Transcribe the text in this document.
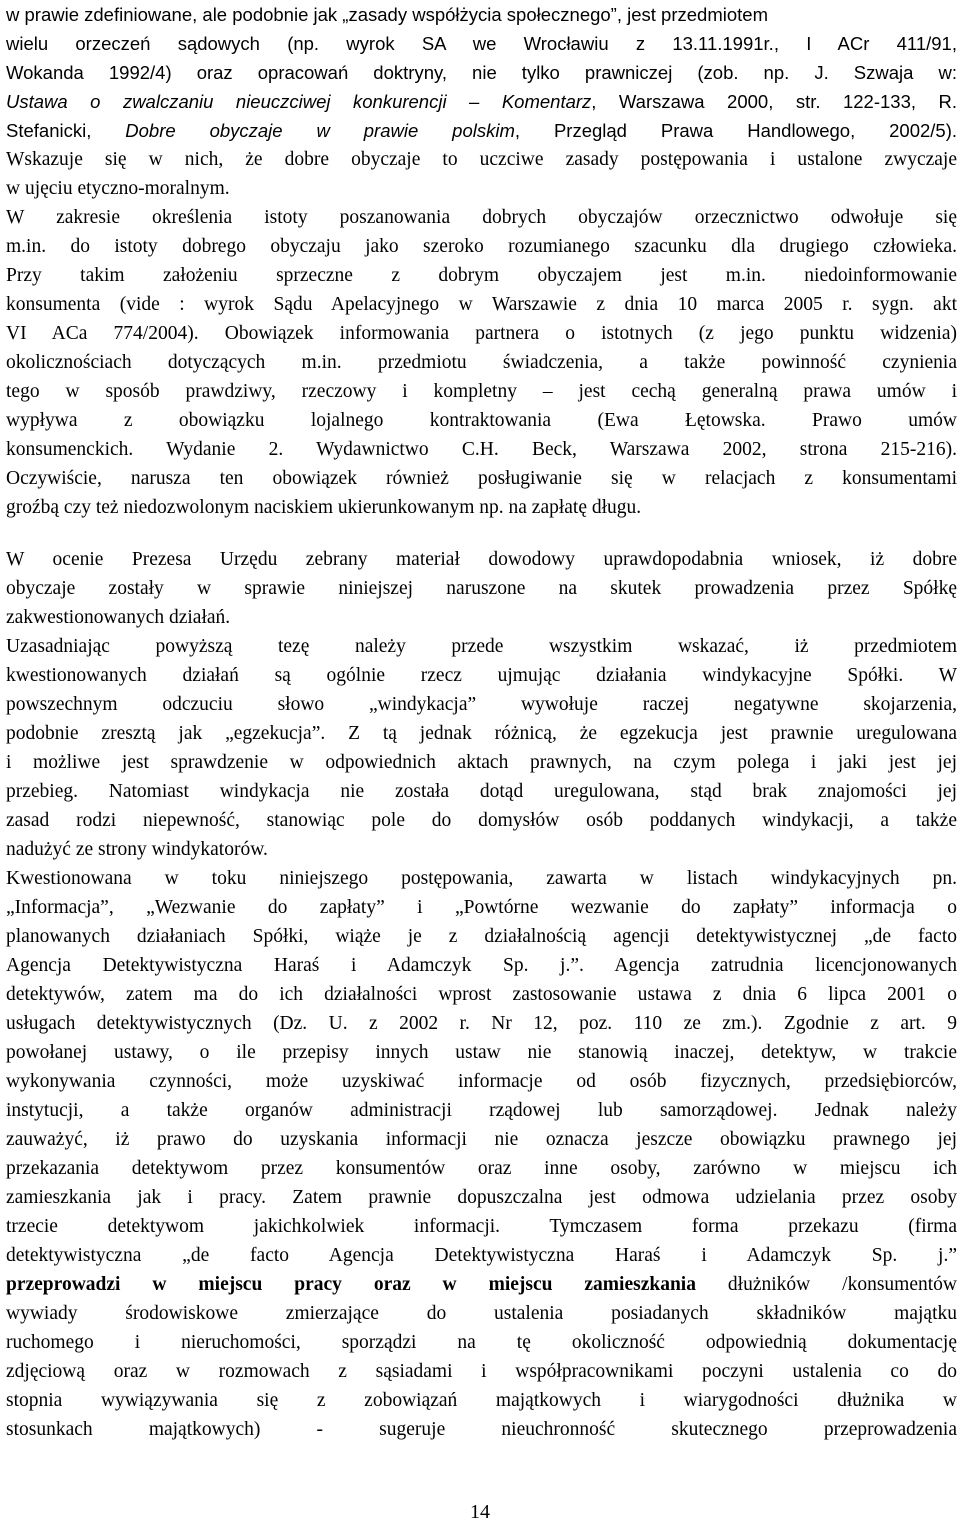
w prawie zdefiniowane, ale podobnie jak „zasady współżycia społecznego”, jest przedmiotem
wielu orzeczeń sądowych (np. wyrok SA we Wrocławiu z 13.11.1991r., I ACr 411/91,
Wokanda 1992/4) oraz opracowań doktryny, nie tylko prawniczej (zob. np. J. Szwaja w:
Ustawa o zwalczaniu nieuczciwej konkurencji – Komentarz, Warszawa 2000, str. 122-133, R.
Stefanicki, Dobre obyczaje w prawie polskim, Przegląd Prawa Handlowego, 2002/5).
Wskazuje się w nich, że dobre obyczaje to uczciwe zasady postępowania i ustalone zwyczaje
w ujęciu etyczno-moralnym.
W zakresie określenia istoty poszanowania dobrych obyczajów orzecznictwo odwołuje się
m.in. do istoty dobrego obyczaju jako szeroko rozumianego szacunku dla drugiego człowieka.
Przy takim założeniu sprzeczne z dobrym obyczajem jest m.in. niedoinformowanie
konsumenta (vide : wyrok Sądu Apelacyjnego w Warszawie z dnia 10 marca 2005 r. sygn. akt
VI ACa 774/2004). Obowiązek informowania partnera o istotnych (z jego punktu widzenia)
okolicznościach dotyczących m.in. przedmiotu świadczenia, a także powinność czynienia
tego w sposób prawdziwy, rzeczowy i kompletny – jest cechą generalną prawa umów i
wypływa z obowiązku lojalnego kontraktowania (Ewa Łętowska. Prawo umów
konsumenckich. Wydanie 2. Wydawnictwo C.H. Beck, Warszawa 2002, strona 215-216).
Oczywiście, narusza ten obowiązek również posługiwanie się w relacjach z konsumentami
groźbą czy też niedozwolonym naciskiem ukierunkowanym np. na zapłatę długu.
W ocenie Prezesa Urzędu zebrany materiał dowodowy uprawdopodabnia wniosek, iż dobre
obyczaje zostały w sprawie niniejszej naruszone na skutek prowadzenia przez Spółkę
zakwestionowanych działań.
Uzasadniając powyższą tezę należy przede wszystkim wskazać, iż przedmiotem
kwestionowanych działań są ogólnie rzecz ujmując działania windykacyjne Spółki. W
powszechnym odczuciu słowo „windykacja” wywołuje raczej negatywne skojarzenia,
podobnie zresztą jak „egzekucja”. Z tą jednak różnicą, że egzekucja jest prawnie uregulowana
i możliwe jest sprawdzenie w odpowiednich aktach prawnych, na czym polega i jaki jest jej
przebieg. Natomiast windykacja nie została dotąd uregulowana, stąd brak znajomości jej
zasad rodzi niepewność, stanowiąc pole do domysłów osób poddanych windykacji, a także
nadużyć ze strony windykatorów.
Kwestionowana w toku niniejszego postępowania, zawarta w listach windykacyjnych pn.
„Informacja”, „Wezwanie do zapłaty” i „Powtórne wezwanie do zapłaty” informacja o
planowanych działaniach Spółki, wiąże je z działalnością agencji detektywistycznej „de facto
Agencja Detektywistyczna Haraś i Adamczyk Sp. j.”. Agencja zatrudnia licencjonowanych
detektywów, zatem ma do ich działalności wprost zastosowanie ustawa z dnia 6 lipca 2001 o
usługach detektywistycznych (Dz. U. z 2002 r. Nr 12, poz. 110 ze zm.). Zgodnie z art. 9
powołanej ustawy, o ile przepisy innych ustaw nie stanowią inaczej, detektyw, w trakcie
wykonywania czynności, może uzyskiwać informacje od osób fizycznych, przedsiębiorców,
instytucji, a także organów administracji rządowej lub samorządowej. Jednak należy
zauważyć, iż prawo do uzyskania informacji nie oznacza jeszcze obowiązku prawnego jej
przekazania detektywom przez konsumentów oraz inne osoby, zarówno w miejscu ich
zamieszkania jak i pracy. Zatem prawnie dopuszczalna jest odmowa udzielania przez osoby
trzecie detektywom jakichkolwiek informacji. Tymczasem forma przekazu (firma
detektywistyczna „de facto Agencja Detektywistyczna Haraś i Adamczyk Sp. j.”
przeprowadzi w miejscu pracy oraz w miejscu zamieszkania dłużników /konsumentów
wywiady środowiskowe zmierzające do ustalenia posiadanych składników majątku
ruchomego i nieruchomości, sporządzi na tę okoliczność odpowiednią dokumentację
zdjęciową oraz w rozmowach z sąsiadami i współpracownikami poczyni ustalenia co do
stopnia wywiązywania się z zobowiązań majątkowych i wiarygodności dłużnika w
stosunkach majątkowych) - sugeruje nieuchronność skutecznego przeprowadzenia
14
